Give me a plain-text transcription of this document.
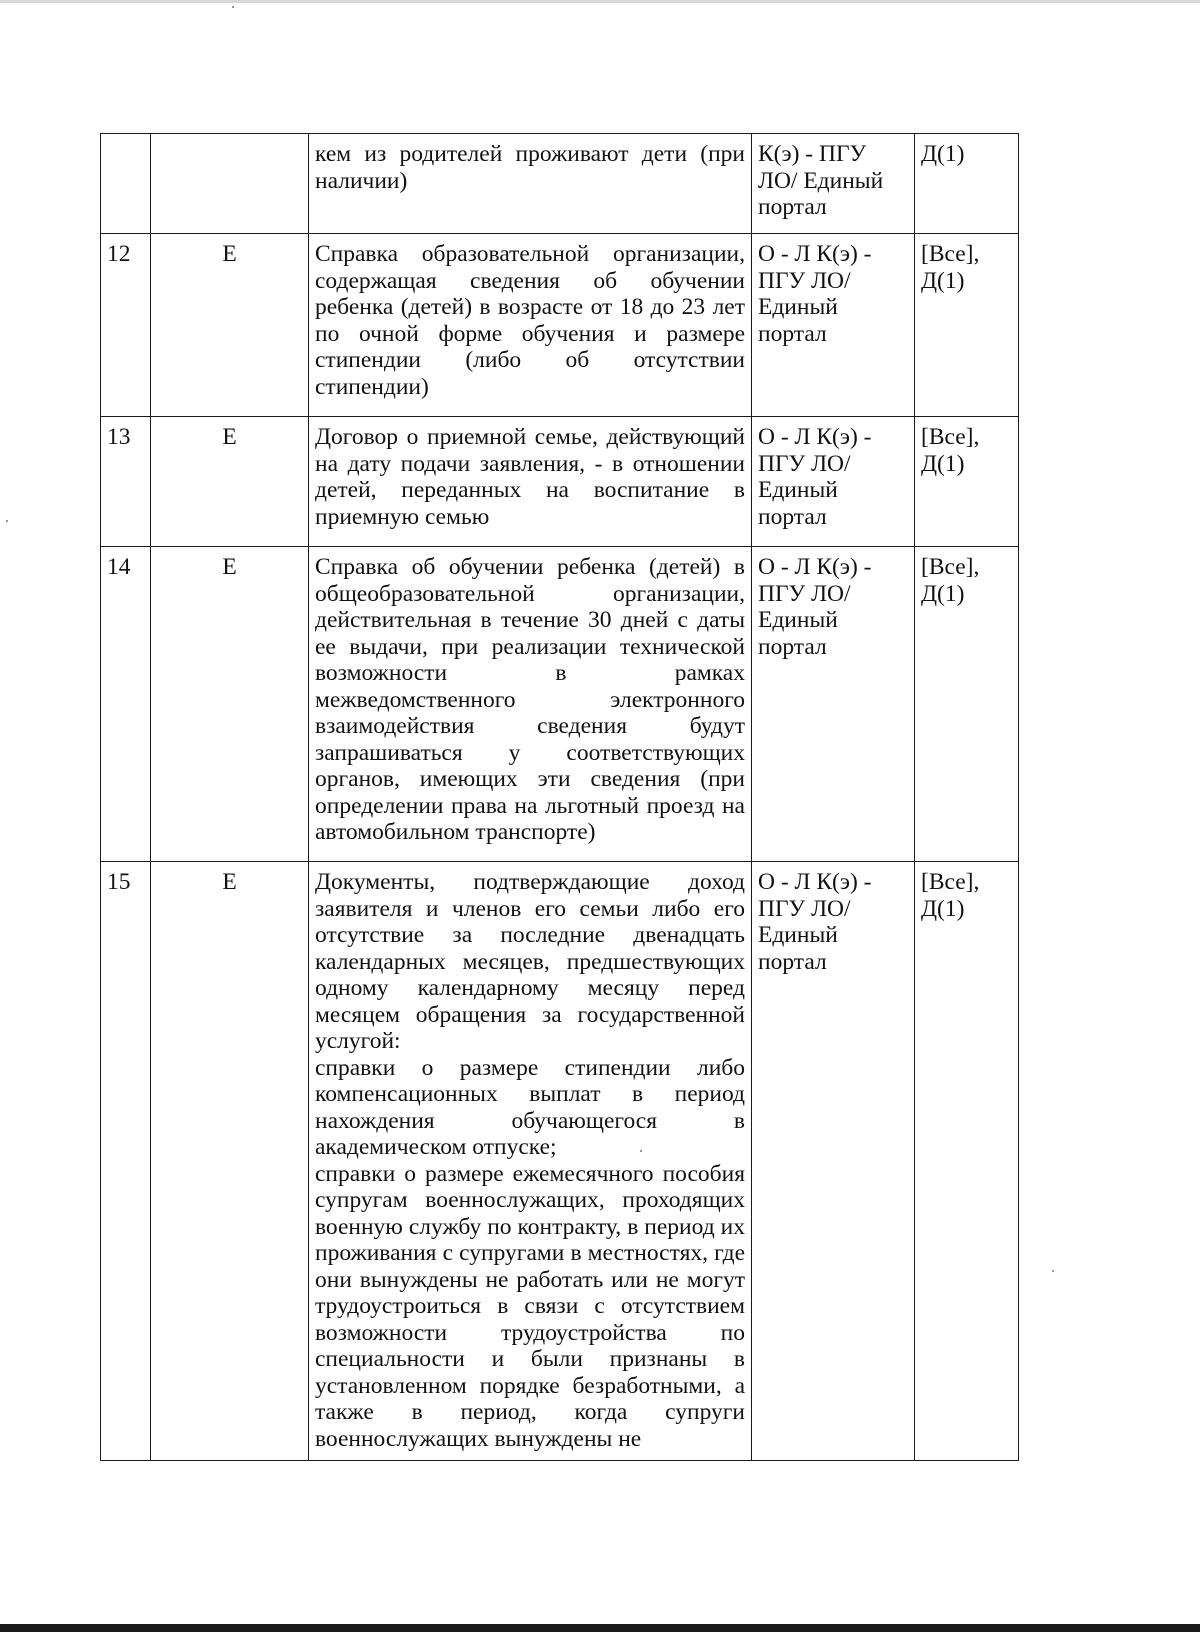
		кем из родителей проживают дети (при наличии)	К(э) - ПГУ ЛО/ Единый портал	Д(1)
12	Е	Справка образовательной организации, содержащая сведения об обучении ребенка (детей) в возрасте от 18 до 23 лет по очной форме обучения и размере стипендии (либо об отсутствии стипендии)	О - Л К(э) - ПГУ ЛО/ Единый портал	[Все], Д(1)
13	Е	Договор о приемной семье, действующий на дату подачи заявления, - в отношении детей, переданных на воспитание в приемную семью	О - Л К(э) - ПГУ ЛО/ Единый портал	[Все], Д(1)
14	Е	Справка об обучении ребенка (детей) в общеобразовательной организации, действительная в течение 30 дней с даты ее выдачи, при реализации технической возможности в рамках межведомственного электронного взаимодействия сведения будут запрашиваться у соответствующих органов, имеющих эти сведения (при определении права на льготный проезд на автомобильном транспорте)	О - Л К(э) - ПГУ ЛО/ Единый портал	[Все], Д(1)
15	Е	Документы, подтверждающие доход заявителя и членов его семьи либо его отсутствие за последние двенадцать календарных месяцев, предшествующих одному календарному месяцу перед месяцем обращения за государственной услугой:
справки о размере стипендии либо компенсационных выплат в период нахождения обучающегося в академическом отпуске;
справки о размере ежемесячного пособия супругам военнослужащих, проходящих военную службу по контракту, в период их проживания с супругами в местностях, где они вынуждены не работать или не могут трудоустроиться в связи с отсутствием возможности трудоустройства по специальности и были признаны в установленном порядке безработными, а также в период, когда супруги военнослужащих вынуждены не	О - Л К(э) - ПГУ ЛО/ Единый портал	[Все], Д(1)
